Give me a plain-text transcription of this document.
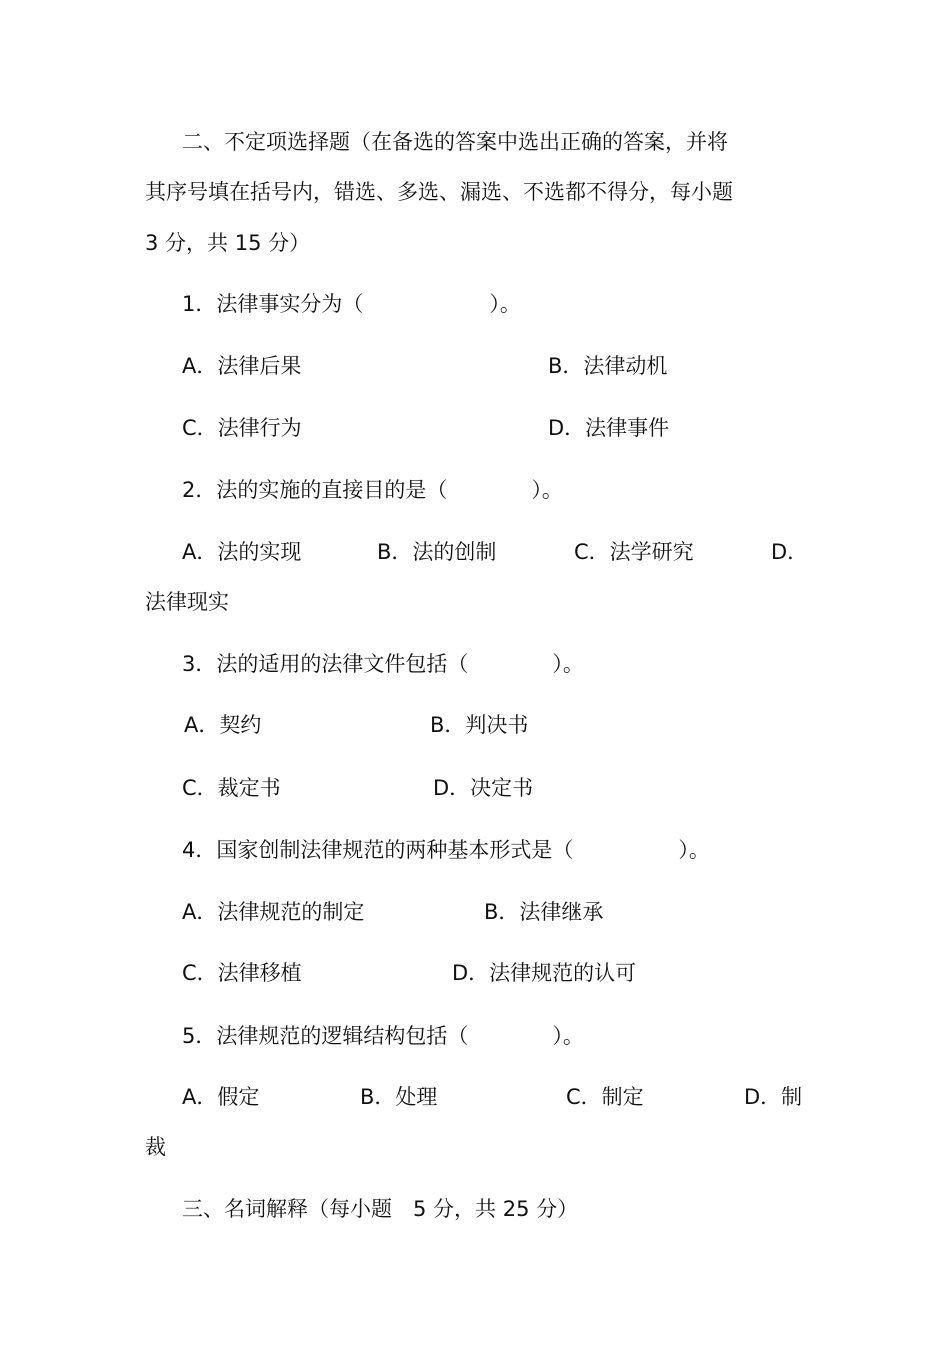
二、不定项选择题（在备选的答案中选出正确的答案，并将
其序号填在括号内，错选、多选、漏选、不选都不得分，每小题
3 分，共 15 分）
1．法律事实分为（　　　　　　）。
A．法律后果	B．法律动机
C．法律行为	D．法律事件
2．法的实施的直接目的是（　　　　）。
A．法的实现	B．法的创制	C．法学研究	D．
法律现实
3．法的适用的法律文件包括（　　　　）。
A．契约	B．判决书
C．裁定书	D．决定书
4．国家创制法律规范的两种基本形式是（　　　　　）。
A．法律规范的制定	B．法律继承
C．法律移植	D．法律规范的认可
5．法律规范的逻辑结构包括（　　　　）。
A．假定	B．处理	C．制定	D．制
裁
三、名词解释（每小题　5 分，共 25 分）
